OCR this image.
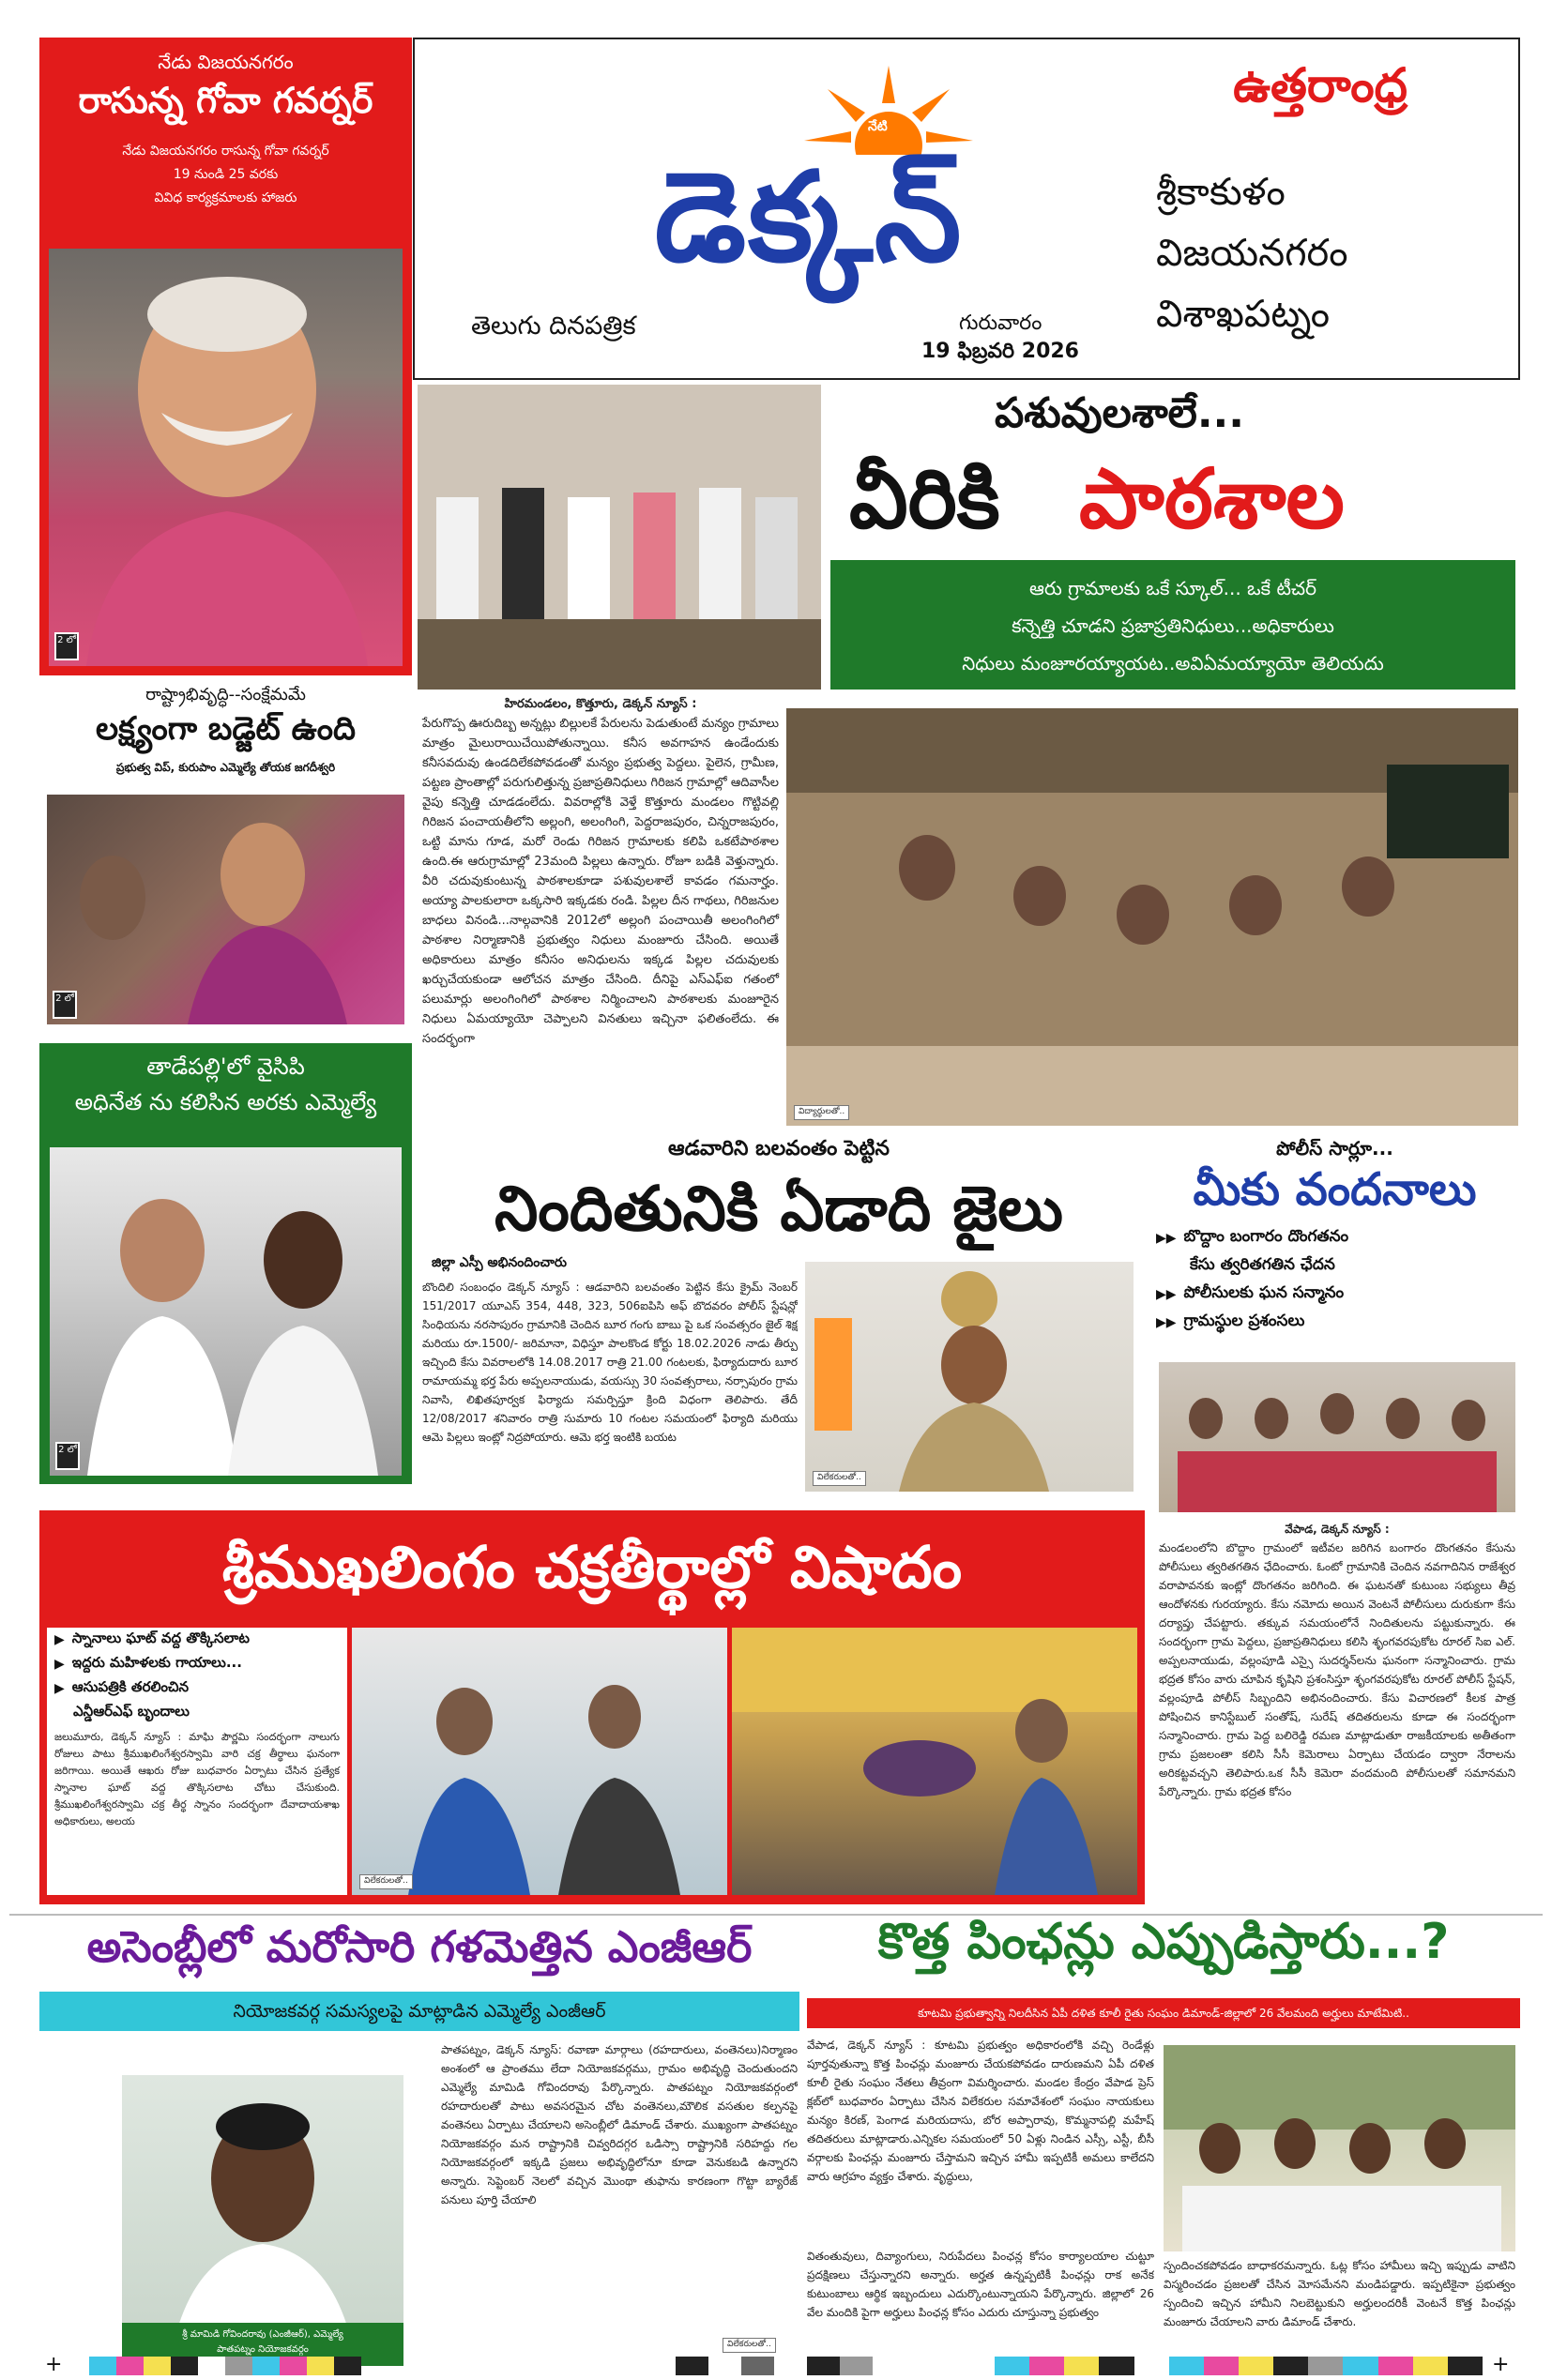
నేడు విజయనగరం
రాసున్న గోవా గవర్నర్
నేడు విజయనగరం రాసున్న గోవా గవర్నర్
19 నుండి 25 వరకు
వివిధ కార్యక్రమాలకు హాజరు
2 లో
రాష్ట్రాభివృద్ధి--సంక్షేమమే
లక్ష్యంగా బడ్జెట్ ఉంది
ప్రభుత్వ విప్, కురుపాం ఎమ్మెల్యే తోయక జగదీశ్వరి
2 లో
తాడేపల్లి'లో వైసిపి
అధినేత ను కలిసిన అరకు ఎమ్మెల్యే
2 లో
నేటి
డెక్కన్
తెలుగు దినపత్రిక	గురువారం
19 ఫిబ్రవరి 2026
ఉత్తరాంధ్ర
శ్రీకాకుళం
విజయనగరం
విశాఖపట్నం
పశువులశాలే...
వీరికి పాఠశాల
ఆరు గ్రామాలకు ఒకే స్కూల్... ఒకే టీచర్
కన్నెత్తి చూడని ప్రజాప్రతినిధులు...అధికారులు
నిధులు మంజూరయ్యాయట..అవిఏమయ్యాయో తెలియదు
హిరమండలం, కొత్తూరు, డెక్కన్ న్యూస్ :
పేరుగొప్ప ఊరుదిబ్బ అన్నట్లు బిల్లులకే పేరులను పెడుతుంటే మన్యం గ్రామాలు మాత్రం మైలురాయిచేయిపోతున్నాయి. కనీస అవగాహన ఉండేందుకు కనీసవదువు ఉండదిలేకపోవడంతో మన్యం ప్రభుత్వ పెద్దలు. పైలెన, గ్రామీణ, పట్టణ ప్రాంతాల్లో పరుగులిత్తున్న ప్రజాప్రతినిధులు గిరిజన గ్రామాల్లో ఆదివాసీల వైపు కన్నెత్తి చూడడంలేదు. వివరాల్లోకి వెళ్తే కొత్తూరు మండలం గొట్టివల్లి గిరిజన పంచాయతీలోని అల్లంగి, అలంగింగి, పెద్దరాజపురం, చిన్నరాజపురం, ఒట్టి మాను గూడ, మరో రెండు గిరిజన గ్రామాలకు కలిపి ఒకటేపాఠశాల ఉంది.ఈ ఆరుగ్రామాల్లో 23మంది పిల్లలు ఉన్నారు. రోజూ బడికి వెళ్తున్నారు. వీరి చదువుకుంటున్న పాఠశాలకూడా పశువులశాలే కావడం గమనార్హం. అయ్యా పాలకులారా ఒక్కసారి ఇక్కడకు రండి. పిల్లల దీన గాథలు, గిరిజనుల బాధలు వినండి...నాల్గవానికి 2012లో అల్లంగి పంచాయితీ అలంగింగిలో పాఠశాల నిర్మాణానికి ప్రభుత్వం నిధులు మంజూరు చేసింది. అయితే అధికారులు మాత్రం కనీసం అనిధులను ఇక్కడ పిల్లల చదువులకు ఖర్చుచేయకుండా ఆలోచన మాత్రం చేసింది. దీనిపై ఎస్ఎఫ్ఐ గతంలో పలుమార్లు అలంగింగిలో పాఠశాల నిర్మించాలని పాఠశాలకు మంజూరైన నిధులు ఏమయ్యాయో చెప్పాలని వినతులు ఇచ్చినా ఫలితంలేదు. ఈ సందర్భంగా
విద్యార్థులతో..
ఆడవారిని బలవంతం పెట్టిన
నిందితునికి ఏడాది జైలు
జిల్లా ఎస్పీ అభినందించారు
బొందిలి సంబంధం డెక్కన్ న్యూస్ : ఆడవారిని బలవంతం పెట్టిన కేసు క్రైమ్ నెంబర్ 151/2017 యూఎస్ 354, 448, 323, 506ఐపిసి అఫ్ బొదవరం పోలీస్ స్టేషన్లో సింధియను నరసాపురం గ్రామానికి చెందిన బూర గంగు బాబు పై ఒక సంవత్సరం జైల్ శిక్ష మరియు రూ.1500/- జరిమానా, విధిస్తూ పాలకొండ కోర్టు 18.02.2026 నాడు తీర్పు ఇచ్చింది కేసు వివరాలలోకి 14.08.2017 రాత్రి 21.00 గంటలకు, ఫిర్యాదుదారు బూర రామాయమ్మ భర్త పేరు అప్పలనాయుడు, వయస్సు 30 సంవత్సరాలు, నర్సాపురం గ్రామ నివాసి, లిఖితపూర్వక ఫిర్యాదు సమర్పిస్తూ క్రింది విధంగా తెలిపారు. తేదీ 12/08/2017 శనివారం రాత్రి సుమారు 10 గంటల సమయంలో ఫిర్యాది మరియు ఆమె పిల్లలు ఇంట్లో నిద్రపోయారు. ఆమె భర్త ఇంటికి బయట
విలేకరులతో..
పోలీస్ సార్లూ...
మీకు వందనాలు
▶▶ బొద్దాం బంగారం దొంగతనం
కేసు త్వరితగతిన ఛేదన
▶▶ పోలీసులకు ఘన సన్మానం
▶▶ గ్రామస్థుల ప్రశంసలు
వేపాడ, డెక్కన్ న్యూస్ :
మండలంలోని బొద్దాం గ్రామంలో ఇటీవల జరిగిన బంగారం దొంగతనం కేసును పోలీసులు త్వరితగతిన ఛేదించారు. ఓంటో గ్రామానికి చెందిన నవగాదినిన రాజేశ్వర వరాపావనకు ఇంట్లో దొంగతనం జరిగింది. ఈ ఘటనతో కుటుంబ సభ్యులు తీవ్ర ఆందోళనకు గురయ్యారు. కేసు నమోదు అయిన వెంటనే పోలీసులు దురుకుగా కేసు దర్యాప్తు చేపట్టారు. తక్కువ సమయంలోనే నిందితులను పట్టుకున్నారు. ఈ సందర్భంగా గ్రామ పెద్దలు, ప్రజాప్రతినిధులు కలిసి శృంగవరపుకోట రూరల్ సిఐ ఎల్. అప్పలనాయుడు, వల్లంపూడి ఎస్సై సుదర్శన్‌లను ఘనంగా సన్మానించారు. గ్రామ భద్రత కోసం వారు చూపిన కృషిని ప్రశంసిస్తూ శృంగవరపుకోట రూరల్ పోలీస్ స్టేషన్, వల్లంపూడి పోలీస్ సిబ్బందిని అభినందించారు. కేసు విచారణలో కీలక పాత్ర పోషించిన కానిస్టేబుల్ సంతోష్, సురేష్ తదితరులను కూడా ఈ సందర్భంగా సన్మానించారు. గ్రామ పెద్ద బలిరెడ్డి రమణ మాట్లాడుతూ రాజకీయాలకు అతీతంగా గ్రామ ప్రజలంతా కలిసి సీసీ కెమెరాలు ఏర్పాటు చేయడం ద్వారా నేరాలను అరికట్టవచ్చని తెలిపారు.ఒక సీసీ కెమెరా వందమంది పోలీసులతో సమానమని పేర్కొన్నారు. గ్రామ భద్రత కోసం
శ్రీముఖలింగం చక్రతీర్థాల్లో విషాదం
▶ స్నానాలు ఘాట్ వద్ద తొక్కిసలాట
▶ ఇద్దరు మహిళలకు గాయాలు...
▶ ఆసుపత్రికి తరలించిన
ఎన్డీఆర్ఎఫ్ బృందాలు
జలుమూరు, డెక్కన్ న్యూస్ : మాఘి పౌర్ణమి సందర్భంగా నాలుగు రోజులు పాటు శ్రీముఖలింగేశ్వరస్వామి వారి చక్ర తీర్థాలు ఘనంగా జరిగాయి. అయితే ఆఖరు రోజు బుధవారం ఏర్పాటు చేసిన ప్రత్యేక స్నానాల ఘాట్ వద్ద తొక్కిసలాట చోటు చేసుకుంది. శ్రీముఖలింగేశ్వరస్వామి చక్ర తీర్థ స్నానం సందర్భంగా దేవాదాయశాఖ అధికారులు, అలయ
విలేకరులతో..
అసెంబ్లీలో మరోసారి గళమెత్తిన ఎంజీఆర్
నియోజకవర్గ సమస్యలపై మాట్లాడిన ఎమ్మెల్యే ఎంజీఆర్
శ్రీ మామిడి గోవిందరావు (ఎంజీఆర్), ఎమ్మెల్యే
పాతపట్నం నియోజకవర్గం
పాతపట్నం, డెక్కన్ న్యూస్: రవాణా మార్గాలు (రహదారులు, వంతెనలు)నిర్మాణం అంశంలో ఆ ప్రాంతము లేదా నియోజకవర్గము, గ్రామం అభివృద్ధి చెందుతుందని ఎమ్మెల్యే మామిడి గోవిందరావు పేర్కొన్నారు. పాతపట్నం నియోజకవర్గంలో రహదారులతో పాటు అవసరమైన చోట వంతెనలు,మౌలిక వసతుల కల్పనపై వంతెనలు ఏర్పాటు చేయాలని అసెంబ్లీలో డిమాండ్ చేశారు. ముఖ్యంగా పాతపట్నం నియోజకవర్గం మన రాష్ట్రానికి చివ్వరిదగ్గర ఒడిస్సా రాష్ట్రానికి సరిహద్దు గల నియోజకవర్గంలో ఇక్కడి ప్రజలు అభివృద్ధిలోనూ కూడా వెనుకబడి ఉన్నారని అన్నారు. సెప్టెంబర్ నెలలో వచ్చిన మొంథా తుఫాను కారణంగా గొట్టా బ్యారేజ్ పనులు పూర్తి చేయాలి
విలేకరులతో..
కొత్త పింఛన్లు ఎప్పుడిస్తారు...?
కూటమి ప్రభుత్వాన్ని నిలదీసిన ఏపీ దళిత కూలీ రైతు సంఘం డిమాండ్-జిల్లాలో 26 వేలమంది అర్హులు మాటేమిటి..
వేపాడ, డెక్కన్ న్యూస్ : కూటమి ప్రభుత్వం అధికారంలోకి వచ్చి రెండేళ్లు పూర్తవుతున్నా కొత్త పింఛన్లు మంజూరు చేయకపోవడం దారుణమని ఏపీ దళిత కూలీ రైతు సంఘం నేతలు తీవ్రంగా విమర్శించారు. మండల కేంద్రం వేపాడ ప్రెస్ క్లబ్‌లో బుధవారం ఏర్పాటు చేసిన విలేకరుల సమావేశంలో సంఘం నాయకులు మన్యం కిరణ్, పెంగాడ మరియదాసు, బోర అప్పారావు, కొమ్మనాపల్లి మహేష్ తదితరులు మాట్లాడారు.ఎన్నికల సమయంలో 50 ఏళ్లు నిండిన ఎస్సీ, ఎస్టీ, బీసీ వర్గాలకు పింఛన్లు మంజూరు చేస్తామని ఇచ్చిన హామీ ఇప్పటికీ అమలు కాలేదని వారు ఆగ్రహం వ్యక్తం చేశారు. వృద్ధులు,
స్పందించకపోవడం బాధాకరమన్నారు. ఓట్ల కోసం హామీలు ఇచ్చి ఇప్పుడు వాటిని విస్మరించడం ప్రజలతో చేసిన మోసమేనని మండిపడ్డారు. ఇప్పటికైనా ప్రభుత్వం స్పందించి ఇచ్చిన హామీని నిలబెట్టుకుని అర్హులందరికీ వెంటనే కొత్త పింఛన్లు మంజూరు చేయాలని వారు డిమాండ్ చేశారు.
వితంతువులు, దివ్యాంగులు, నిరుపేదలు పింఛన్ల కోసం కార్యాలయాల చుట్టూ ప్రదక్షిణలు చేస్తున్నారని అన్నారు. అర్హత ఉన్నప్పటికీ పింఛన్లు రాక అనేక కుటుంబాలు ఆర్థిక ఇబ్బందులు ఎదుర్కొంటున్నాయని పేర్కొన్నారు. జిల్లాలో 26 వేల మందికి పైగా అర్హులు పింఛన్ల కోసం ఎదురు చూస్తున్నా ప్రభుత్వం
+	+
